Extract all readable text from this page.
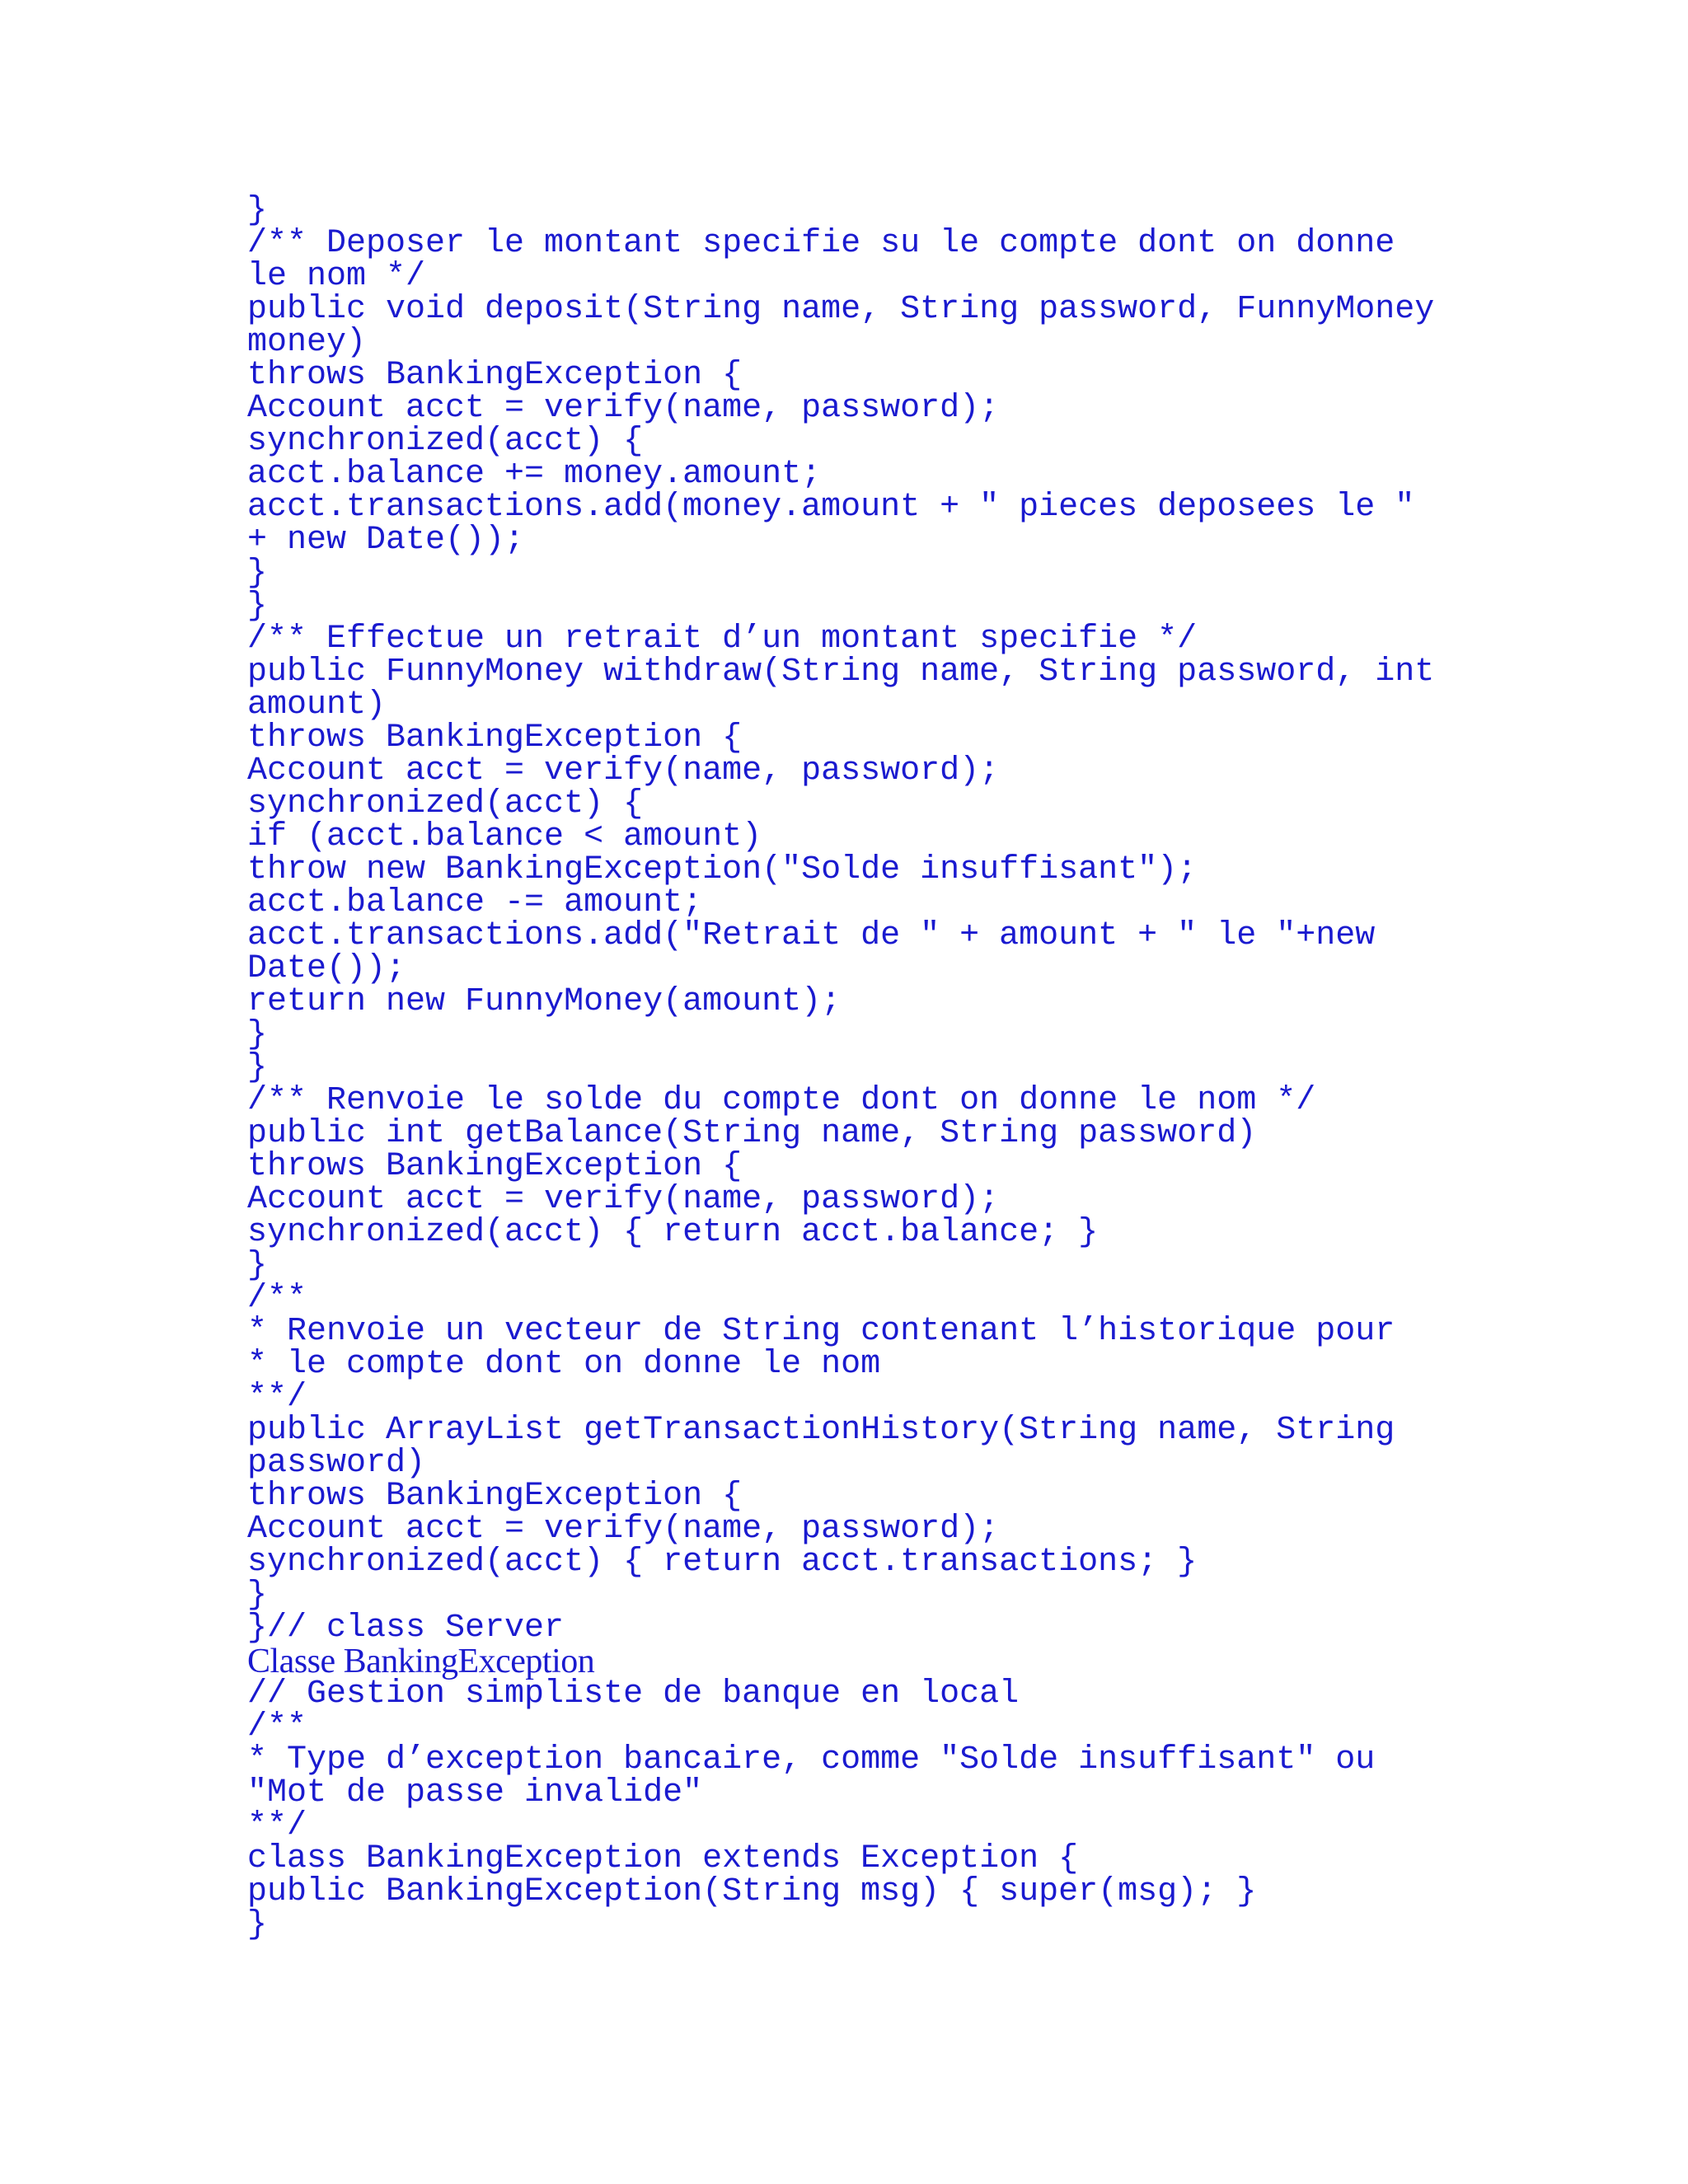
}
/** Deposer le montant specifie su le compte dont on donne
le nom */
public void deposit(String name, String password, FunnyMoney
money)
throws BankingException {
Account acct = verify(name, password);
synchronized(acct) {
acct.balance += money.amount;
acct.transactions.add(money.amount + " pieces deposees le "
+ new Date());
}
}
/** Effectue un retrait d’un montant specifie */
public FunnyMoney withdraw(String name, String password, int
amount)
throws BankingException {
Account acct = verify(name, password);
synchronized(acct) {
if (acct.balance < amount)
throw new BankingException("Solde insuffisant");
acct.balance -= amount;
acct.transactions.add("Retrait de " + amount + " le "+new
Date());
return new FunnyMoney(amount);
}
}
/** Renvoie le solde du compte dont on donne le nom */
public int getBalance(String name, String password)
throws BankingException {
Account acct = verify(name, password);
synchronized(acct) { return acct.balance; }
}
/**
* Renvoie un vecteur de String contenant l’historique pour
* le compte dont on donne le nom
**/
public ArrayList getTransactionHistory(String name, String
password)
throws BankingException {
Account acct = verify(name, password);
synchronized(acct) { return acct.transactions; }
}
}// class Server
Classe BankingException
// Gestion simpliste de banque en local
/**
* Type d’exception bancaire, comme "Solde insuffisant" ou
"Mot de passe invalide"
**/
class BankingException extends Exception {
public BankingException(String msg) { super(msg); }
}
